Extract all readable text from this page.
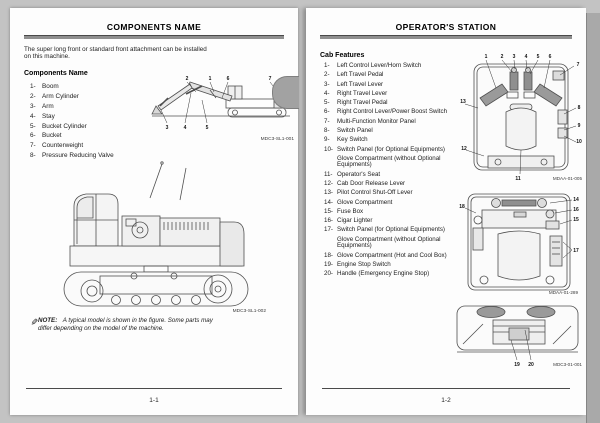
COMPONENTS NAME
The super long front or standard front attachment can be installed on this machine.
Components Name
1- Boom
2- Arm Cylinder
3- Arm
4- Stay
5- Bucket Cylinder
6- Bucket
7- Counterweight
8- Pressure Reducing Valve
2	1	6	7
3	4	5
MDC3-SL1-001
MDC3-SL1-002
✎ NOTE: A typical model is shown in the figure. Some parts may differ depending on the model of the machine.
1-1
OPERATOR'S STATION
Cab Features
1-	Left Control Lever/Horn Switch
2-	Left Travel Pedal
3-	Left Travel Lever
4-	Right Travel Lever
5-	Right Travel Pedal
6-	Right Control Lever/Power Boost Switch
7-	Multi-Function Monitor Panel
8-	Switch Panel
9-	Key Switch
10- Switch Panel (for Optional Equipments)
Glove Compartment (without Optional Equipments)
11- Operator's Seat
12- Cab Door Release Lever
13- Pilot Control Shut-Off Lever
14- Glove Compartment
15- Fuse Box
16- Cigar Lighter
17- Switch Panel (for Optional Equipments)
Glove Compartment (without Optional Equipments)
18- Glove Compartment (Hot and Cool Box)
19- Engine Stop Switch
20- Handle (Emergency Engine Stop)
1	2 3 4 5 6
7
13
8
9
10
12
11	MDAA-01-005
18
14
16
15
17
MDAA-01-289
19 20	MDC3-01-001
1-2
